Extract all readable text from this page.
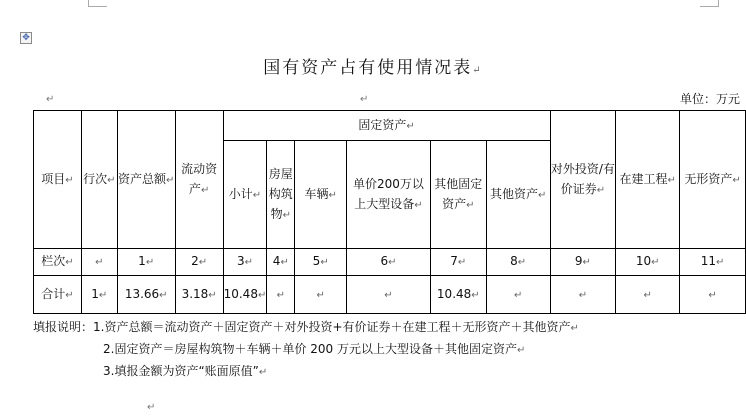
✥
国有资产占有使用情况表↵
↵	↵	单位：万元
项目↵	行次↵	资产总额↵	流动资产↵	固定资产↵						对外投资/有价证券↵	在建工程↵	无形资产↵
				小计↵	房屋构筑物↵	车辆↵	单价200万以上大型设备↵	其他固定资产↵	其他资产↵			
栏次↵	↵	1↵	2↵	3↵	4↵	5↵	6↵	7↵	8↵	9↵	10↵	11↵
合计↵	1↵	13.66↵	3.18↵	10.48↵	↵	↵	↵	10.48↵	↵	↵	↵	↵
填报说明：1.资产总额＝流动资产＋固定资产＋对外投资+有价证券＋在建工程＋无形资产＋其他资产↵
2.固定资产＝房屋构筑物＋车辆＋单价 200 万元以上大型设备＋其他固定资产↵
3.填报金额为资产“账面原值”↵
↵
